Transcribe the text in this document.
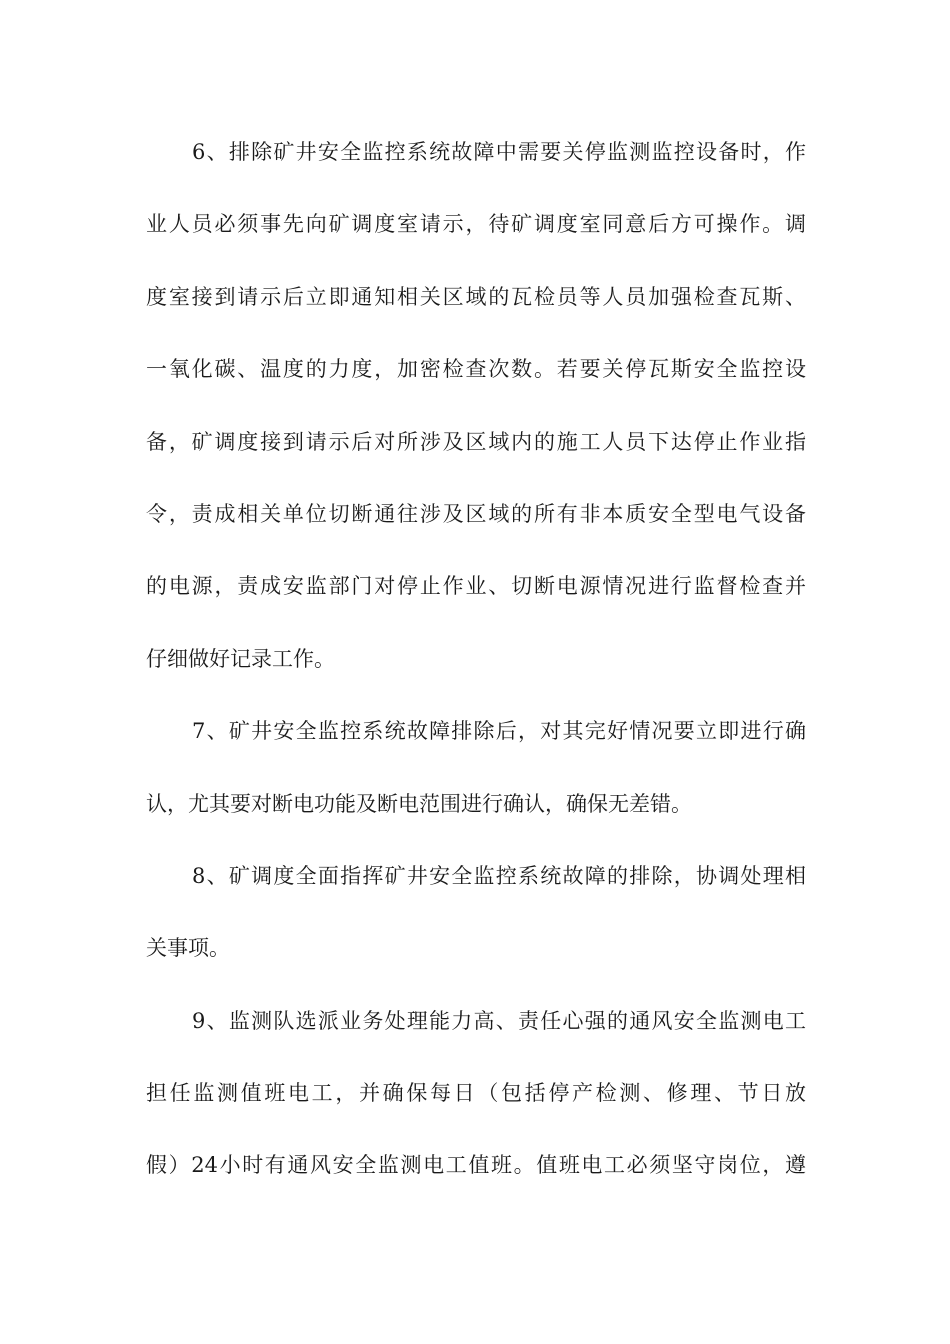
6、排除矿井安全监控系统故障中需要关停监测监控设备时，作
业人员必须事先向矿调度室请示，待矿调度室同意后方可操作。调
度室接到请示后立即通知相关区域的瓦检员等人员加强检查瓦斯、
一氧化碳、温度的力度，加密检查次数。若要关停瓦斯安全监控设
备，矿调度接到请示后对所涉及区域内的施工人员下达停止作业指
令，责成相关单位切断通往涉及区域的所有非本质安全型电气设备
的电源，责成安监部门对停止作业、切断电源情况进行监督检查并
仔细做好记录工作。
7、矿井安全监控系统故障排除后，对其完好情况要立即进行确
认，尤其要对断电功能及断电范围进行确认，确保无差错。
8、矿调度全面指挥矿井安全监控系统故障的排除，协调处理相
关事项。
9、监测队选派业务处理能力高、责任心强的通风安全监测电工
担任监测值班电工，并确保每日（包括停产检测、修理、节日放
假）24小时有通风安全监测电工值班。值班电工必须坚守岗位，遵
